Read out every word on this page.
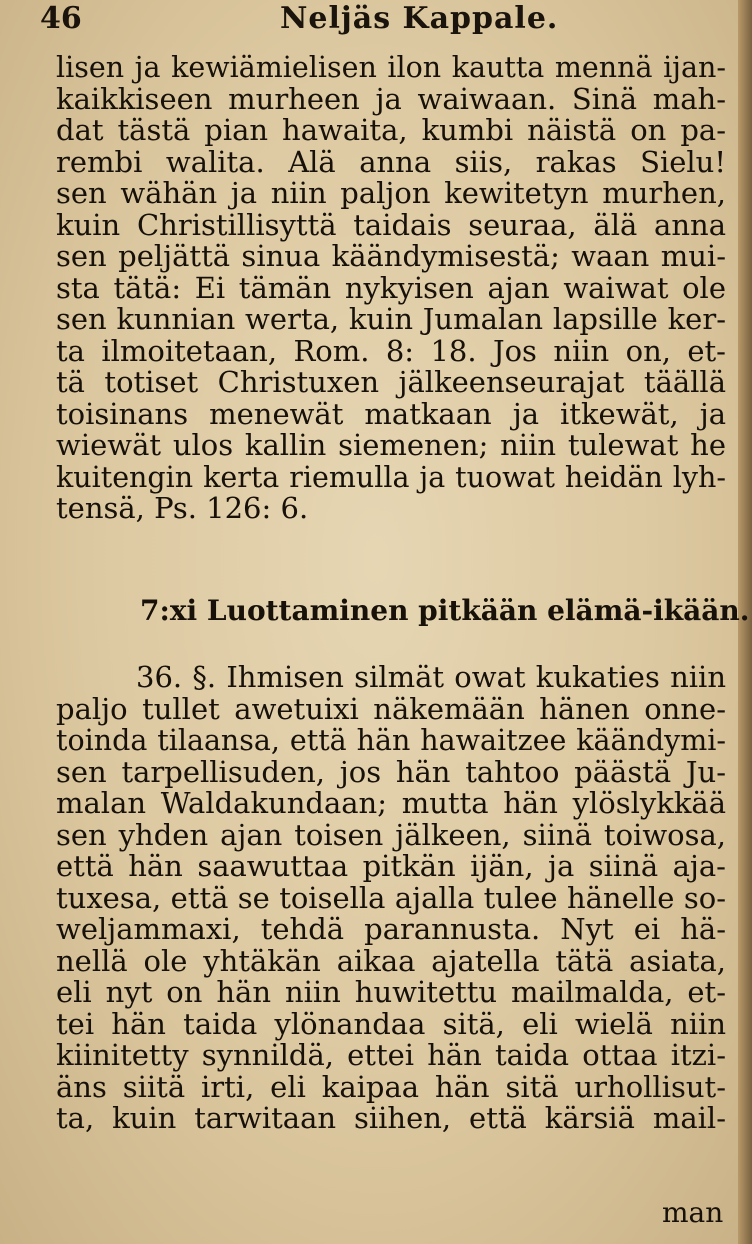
46	Neljäs Kappale.
lisen ja kewiämielisen ilon kautta mennä ijan-
kaikkiseen murheen ja waiwaan. Sinä mah-
dat tästä pian hawaita, kumbi näistä on pa-
rembi walita. Alä anna siis, rakas Sielu!
sen wähän ja niin paljon kewitetyn murhen,
kuin Christillisyttä taidais seuraa, älä anna
sen peljättä sinua käändymisestä; waan mui-
sta tätä: Ei tämän nykyisen ajan waiwat ole
sen kunnian werta, kuin Jumalan lapsille ker-
ta ilmoitetaan, Rom. 8: 18. Jos niin on, et-
tä totiset Christuxen jälkeenseurajat täällä
toisinans menewät matkaan ja itkewät, ja
wiewät ulos kallin siemenen; niin tulewat he
kuitengin kerta riemulla ja tuowat heidän lyh-
tensä, Ps. 126: 6.
7:xi Luottaminen pitkään elämä-ikään.
36. §. Ihmisen silmät owat kukaties niin
paljo tullet awetuixi näkemään hänen onne-
toinda tilaansa, että hän hawaitzee käändymi-
sen tarpellisuden, jos hän tahtoo päästä Ju-
malan Waldakundaan; mutta hän ylöslykkää
sen yhden ajan toisen jälkeen, siinä toiwosa,
että hän saawuttaa pitkän ijän, ja siinä aja-
tuxesa, että se toisella ajalla tulee hänelle so-
weljammaxi, tehdä parannusta. Nyt ei hä-
nellä ole yhtäkän aikaa ajatella tätä asiata,
eli nyt on hän niin huwitettu mailmalda, et-
tei hän taida ylönandaa sitä, eli wielä niin
kiinitetty synnildä, ettei hän taida ottaa itzi-
äns siitä irti, eli kaipaa hän sitä urhollisut-
ta, kuin tarwitaan siihen, että kärsiä mail-
man
